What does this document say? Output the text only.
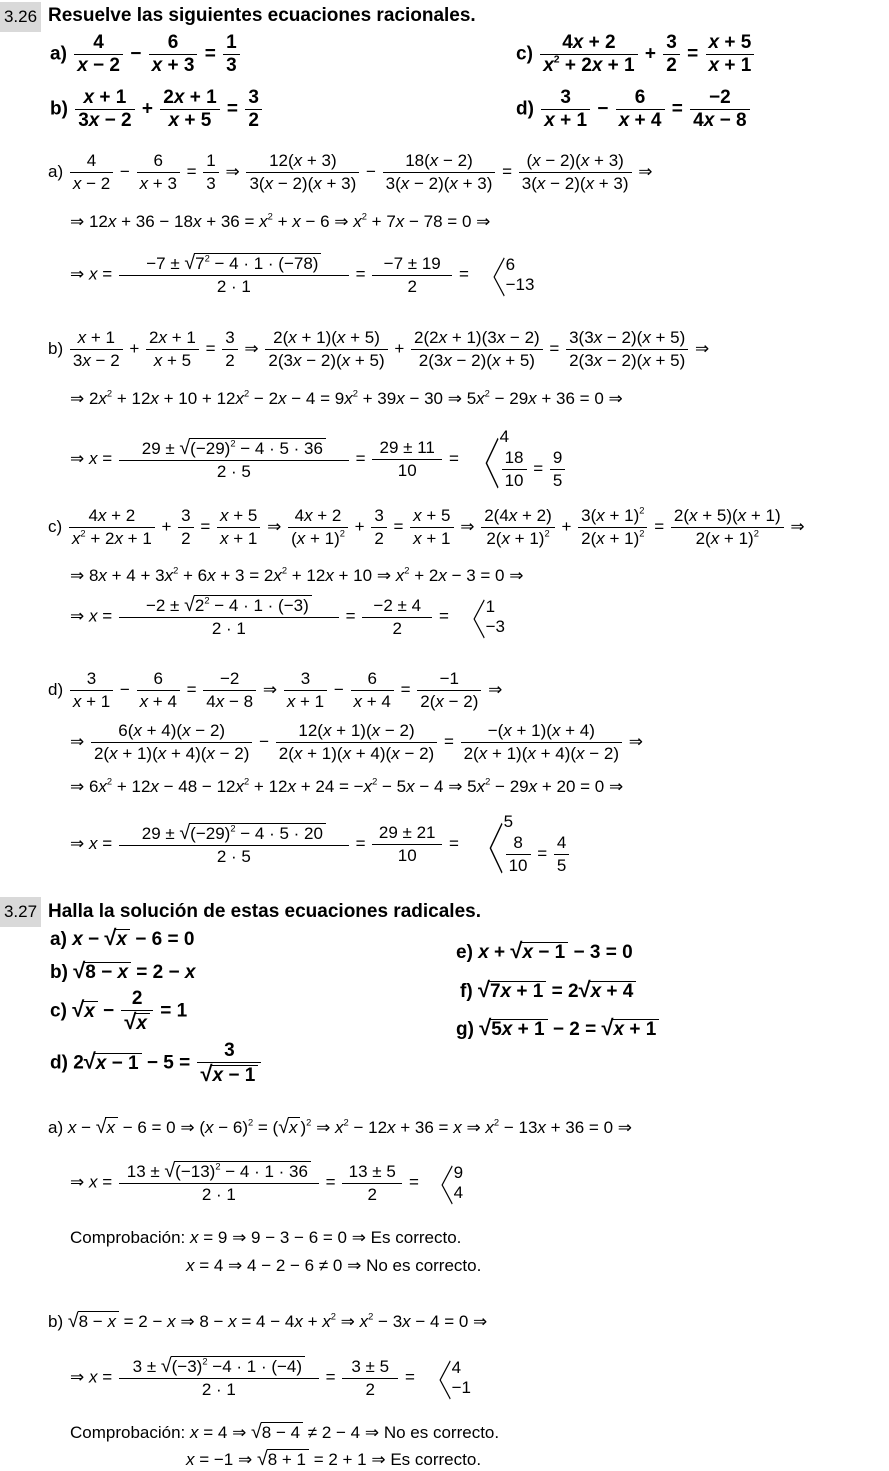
3.26 Resuelve las siguientes ecuaciones racionales.
$a) \frac{4}{x - 2} - \frac{6}{x + 3} = \frac{1}{3}$	$c) \frac{4x + 2}{x^2 + 2x + 1} + \frac{3}{2} = \frac{x + 5}{x + 1}$
$b) \frac{x + 1}{3x - 2} + \frac{2x + 1}{x + 5} = \frac{3}{2}$	$d) \frac{3}{x + 1} - \frac{6}{x + 4} = \frac{-2}{4x - 8}$
$a) \frac{4}{x - 2} - \frac{6}{x + 3} = \frac{1}{3}$ ⇒ $\frac{12(x + 3)}{3(x - 2)(x + 3)} - \frac{18(x - 2)}{3(x - 2)(x + 3)} = \frac{(x - 2)(x + 3)}{3(x - 2)(x + 3)}$ ⇒
⇒ $12x + 36 - 18x + 36 = x^2 + x - 6$ ⇒ $x^2 + 7x - 78 = 0$ ⇒
⇒ $x = \frac{-7 \pm √7^2 - 4 \cdot 1 \cdot (-78)}{2 \cdot 1} = \frac{-7 \pm 19}{2}$ = 〈 6
−13
$b) \frac{x + 1}{3x - 2} + \frac{2x + 1}{x + 5} = \frac{3}{2}$ ⇒ $\frac{2(x + 1)(x + 5)}{2(3x - 2)(x + 5)} + \frac{2(2x + 1)(3x - 2)}{2(3x - 2)(x + 5)} = \frac{3(3x - 2)(x + 5)}{2(3x - 2)(x + 5)}$ ⇒
⇒ $2x^2 + 12x + 10 + 12x^2 - 2x - 4 = 9x^2 + 39x - 30$ ⇒ $5x^2 - 29x + 36 = 0$ ⇒
⇒ $x = \frac{29 \pm √(-29)^2 - 4 \cdot 5 \cdot 36}{2 \cdot 5} = \frac{29 \pm 11}{10}$ = 〈 4
$\frac{18}{10} = \frac{9}{5}$
$c) \frac{4x + 2}{x^2 + 2x + 1} + \frac{3}{2} = \frac{x + 5}{x + 1}$ ⇒ $\frac{4x + 2}{(x + 1)^2} + \frac{3}{2} = \frac{x + 5}{x + 1}$ ⇒ $\frac{2(4x + 2)}{2(x + 1)^2} + \frac{3(x + 1)^2}{2(x + 1)^2} = \frac{2(x + 5)(x + 1)}{2(x + 1)^2}$ ⇒
⇒ $8x + 4 + 3x^2 + 6x + 3 = 2x^2 + 12x + 10$ ⇒ $x^2 + 2x - 3 = 0$ ⇒
⇒ $x = \frac{-2 \pm √2^2 - 4 \cdot 1 \cdot (-3)}{2 \cdot 1} = \frac{-2 \pm 4}{2}$ = 〈 1
−3
$d) \frac{3}{x + 1} - \frac{6}{x + 4} = \frac{-2}{4x - 8}$ ⇒ $\frac{3}{x + 1} - \frac{6}{x + 4} = \frac{-1}{2(x - 2)}$ ⇒
⇒ $\frac{6(x + 4)(x - 2)}{2(x + 1)(x + 4)(x - 2)} - \frac{12(x + 1)(x - 2)}{2(x + 1)(x + 4)(x - 2)} = \frac{-(x + 1)(x + 4)}{2(x + 1)(x + 4)(x - 2)}$ ⇒
⇒ $6x^2 + 12x - 48 - 12x^2 + 12x + 24 = -x^2 - 5x - 4$ ⇒ $5x^2 - 29x + 20 = 0$ ⇒
⇒ $x = \frac{29 \pm √(-29)^2 - 4 \cdot 5 \cdot 20}{2 \cdot 5} = \frac{29 \pm 21}{10}$ = 〈 5
$\frac{8}{10} = \frac{4}{5}$
3.27 Halla la solución de estas ecuaciones radicales.
a) x − √x − 6 = 0
b) √8 − x = 2 − x
c) $√x - \frac{2}{√x} = 1$
d) $2√x - 1 - 5 = \frac{3}{√x - 1}$
e) x + √x − 1 − 3 = 0
f) √7x + 1 = 2√x + 4
g) √5x + 1 − 2 = √x + 1
a) x − √x − 6 = 0 ⇒ $(x - 6)^2 = (√x$ )$^2$ ⇒ $x^2 - 12x + 36 = x$ ⇒ $x^2 - 13x + 36 = 0$ ⇒
⇒ $x = \frac{13 \pm √(-13)^2 - 4 \cdot 1 \cdot 36}{2 \cdot 1} = \frac{13 \pm 5}{2}$ = 〈 9
4
Comprobación: x = 9 ⇒ 9 − 3 − 6 = 0 ⇒ Es correcto.
x = 4 ⇒ 4 − 2 − 6 ≠ 0 ⇒ No es correcto.
b) √8 − x = 2 − x ⇒ $8 - x = 4 - 4x + x^2$ ⇒ $x^2 - 3x - 4 = 0$ ⇒
⇒ $x = \frac{3 \pm √(-3)^2 -4 \cdot 1 \cdot (-4)}{2 \cdot 1} = \frac{3 \pm 5}{2}$ = 〈 4
−1
Comprobación: x = 4 ⇒ √8 − 4 ≠ 2 − 4 ⇒ No es correcto.
x = −1 ⇒ √8 + 1 = 2 + 1 ⇒ Es correcto.
